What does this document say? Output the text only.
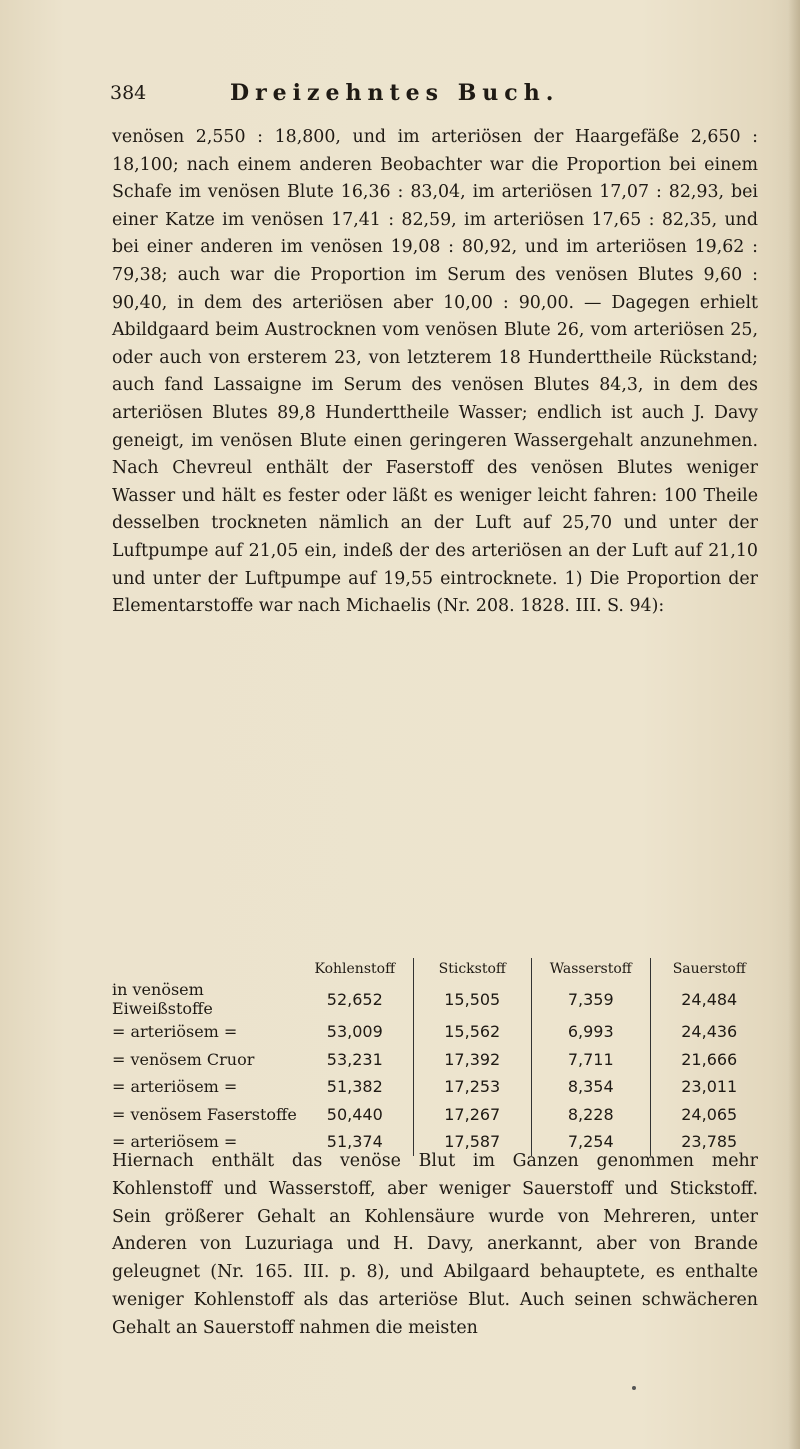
384	Dreizehntes Buch.

venösen 2,550 : 18,800, und im arteriösen der Haargefäße 2,650 : 18,100; nach einem anderen Beobachter war die Proportion bei einem Schafe im venösen Blute 16,36 : 83,04, im arteriösen 17,07 : 82,93, bei einer Katze im venösen 17,41 : 82,59, im arteriösen 17,65 : 82,35, und bei einer anderen im venösen 19,08 : 80,92, und im arteriösen 19,62 : 79,38; auch war die Proportion im Serum des venösen Blutes 9,60 : 90,40, in dem des arteriösen aber 10,00 : 90,00. — Dagegen erhielt Abildgaard beim Austrocknen vom venösen Blute 26, vom arteriösen 25, oder auch von ersterem 23, von letzterem 18 Hunderttheile Rückstand; auch fand Lassaigne im Serum des venösen Blutes 84,3, in dem des arteriösen Blutes 89,8 Hunderttheile Wasser; endlich ist auch J. Davy geneigt, im venösen Blute einen geringeren Wassergehalt anzunehmen. Nach Chevreul enthält der Faserstoff des venösen Blutes weniger Wasser und hält es fester oder läßt es weniger leicht fahren: 100 Theile desselben trockneten nämlich an der Luft auf 25,70 und unter der Luftpumpe auf 21,05 ein, indeß der des arteriösen an der Luft auf 21,10 und unter der Luftpumpe auf 19,55 eintrocknete. 1) Die Proportion der Elementarstoffe war nach Michaelis (Nr. 208. 1828. III. S. 94):

	Kohlenstoff	Stickstoff	Wasserstoff	Sauerstoff
in venösem Eiweißstoffe	52,652	15,505	7,359	24,484
= arteriösem =	53,009	15,562	6,993	24,436
= venösem Cruor	53,231	17,392	7,711	21,666
= arteriösem =	51,382	17,253	8,354	23,011
= venösem Faserstoffe	50,440	17,267	8,228	24,065
= arteriösem =	51,374	17,587	7,254	23,785

Hiernach enthält das venöse Blut im Ganzen genommen mehr Kohlenstoff und Wasserstoff, aber weniger Sauerstoff und Stickstoff. Sein größerer Gehalt an Kohlensäure wurde von Mehreren, unter Anderen von Luzuriaga und H. Davy, anerkannt, aber von Brande geleugnet (Nr. 165. III. p. 8), und Abilgaard behauptete, es enthalte weniger Kohlenstoff als das arteriöse Blut. Auch seinen schwächeren Gehalt an Sauerstoff nahmen die meisten
